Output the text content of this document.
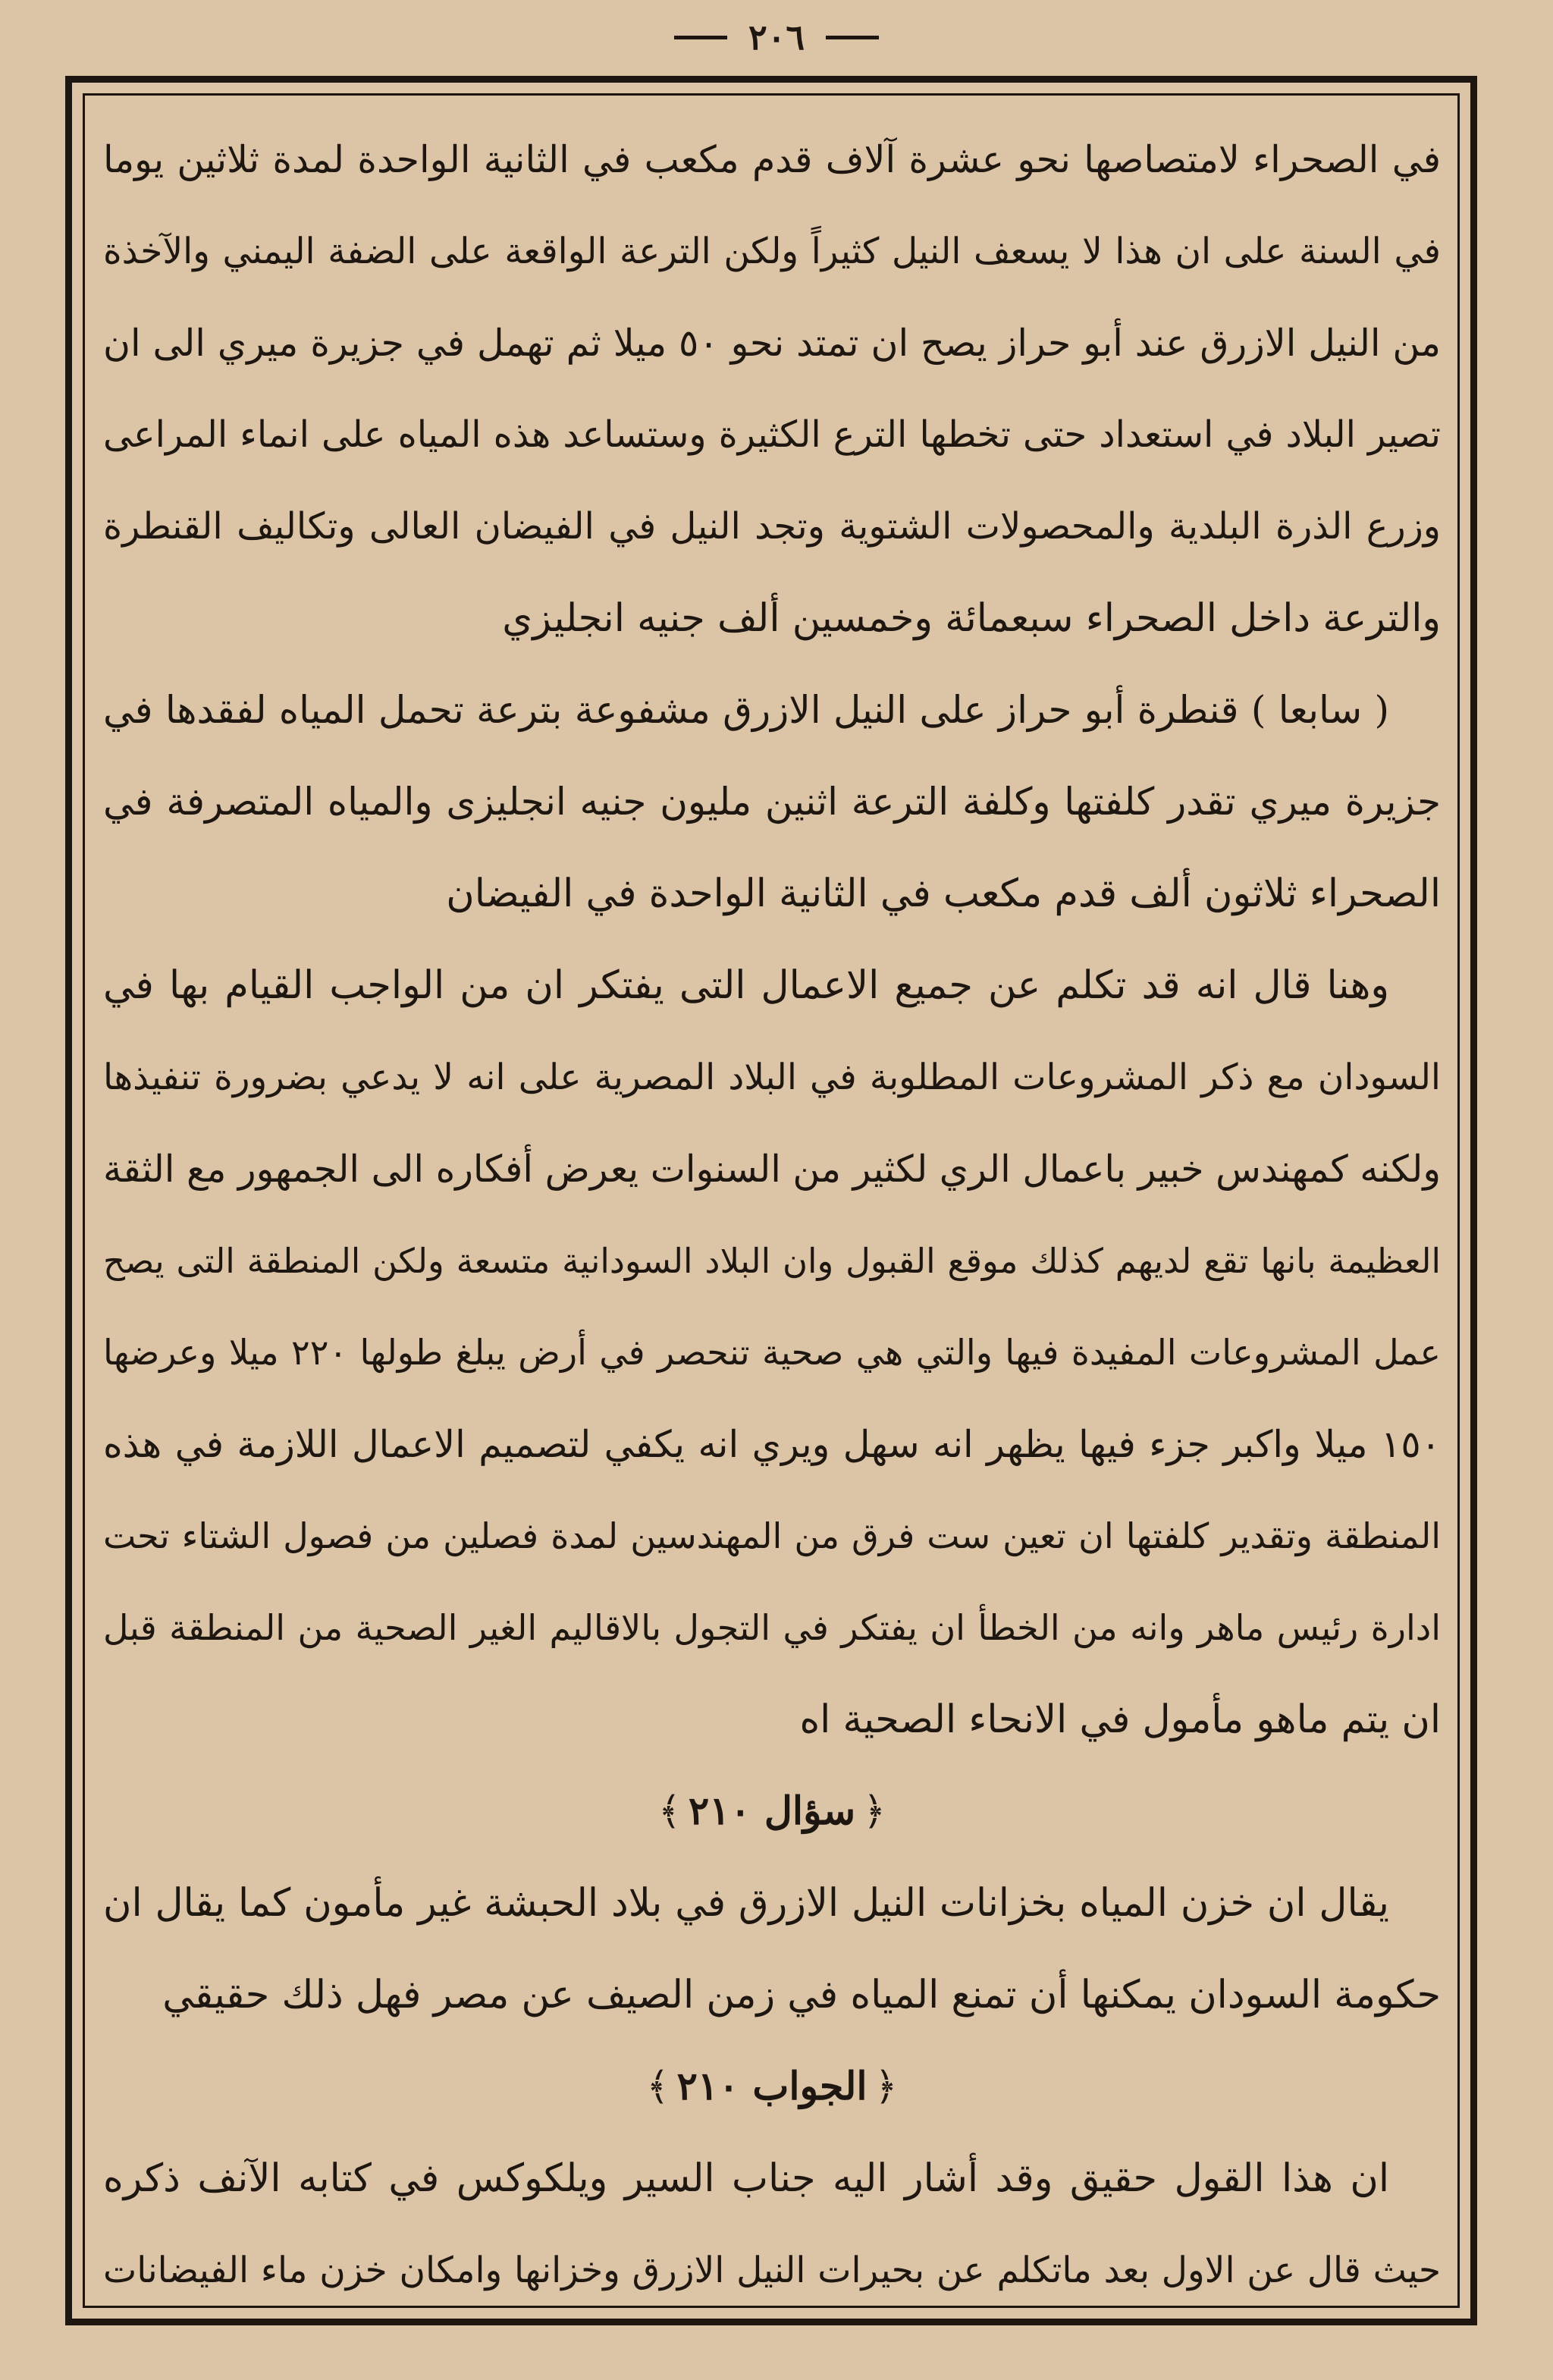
٢٠٦
في الصحراء لامتصاصها نحو عشرة آلاف قدم مكعب في الثانية الواحدة لمدة ثلاثين يوما
في السنة على ان هذا لا يسعف النيل كثيراً ولكن الترعة الواقعة على الضفة اليمني والآخذة
من النيل الازرق عند أبو حراز يصح ان تمتد نحو ٥٠ ميلا ثم تهمل في جزيرة ميري الى ان
تصير البلاد في استعداد حتى تخطها الترع الكثيرة وستساعد هذه المياه على انماء المراعى
وزرع الذرة البلدية والمحصولات الشتوية وتجد النيل في الفيضان العالى وتكاليف القنطرة
والترعة داخل الصحراء سبعمائة وخمسين ألف جنيه انجليزي
( سابعا ) قنطرة أبو حراز على النيل الازرق مشفوعة بترعة تحمل المياه لفقدها في
جزيرة ميري تقدر كلفتها وكلفة الترعة اثنين مليون جنيه انجليزى والمياه المتصرفة في
الصحراء ثلاثون ألف قدم مكعب في الثانية الواحدة في الفيضان
وهنا قال انه قد تكلم عن جميع الاعمال التى يفتكر ان من الواجب القيام بها في
السودان مع ذكر المشروعات المطلوبة في البلاد المصرية على انه لا يدعي بضرورة تنفيذها
ولكنه كمهندس خبير باعمال الري لكثير من السنوات يعرض أفكاره الى الجمهور مع الثقة
العظيمة بانها تقع لديهم كذلك موقع القبول وان البلاد السودانية متسعة ولكن المنطقة التى يصح
عمل المشروعات المفيدة فيها والتي هي صحية تنحصر في أرض يبلغ طولها ٢٢٠ ميلا وعرضها
١٥٠ ميلا واكبر جزء فيها يظهر انه سهل ويري انه يكفي لتصميم الاعمال اللازمة في هذه
المنطقة وتقدير كلفتها ان تعين ست فرق من المهندسين لمدة فصلين من فصول الشتاء تحت
ادارة رئيس ماهر وانه من الخطأ ان يفتكر في التجول بالاقاليم الغير الصحية من المنطقة قبل
ان يتم ماهو مأمول في الانحاء الصحية اه
﴿سؤال ٢١٠﴾
يقال ان خزن المياه بخزانات النيل الازرق في بلاد الحبشة غير مأمون كما يقال ان
حكومة السودان يمكنها أن تمنع المياه في زمن الصيف عن مصر فهل ذلك حقيقي
﴿الجواب ٢١٠﴾
ان هذا القول حقيق وقد أشار اليه جناب السير ويلكوكس في كتابه الآنف ذكره
حيث قال عن الاول بعد ماتكلم عن بحيرات النيل الازرق وخزانها وامكان خزن ماء الفيضانات
